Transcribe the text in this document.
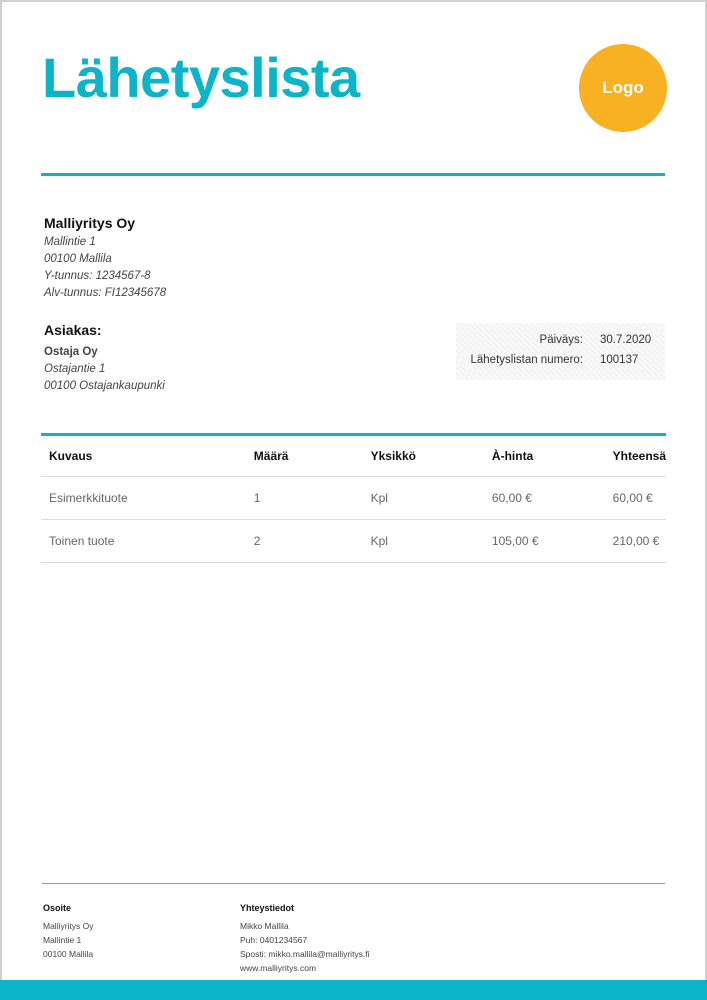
Lähetyslista	Logo
Malliyritys Oy
Mallintie 1
00100 Mallila
Y-tunnus: 1234567-8
Alv-tunnus: FI12345678
Asiakas:
Ostaja Oy
Ostajantie 1
00100 Ostajankaupunki
Päiväys: 30.7.2020
Lähetyslistan numero: 100137
Kuvaus	Määrä	Yksikkö	À-hinta	Yhteensä
Esimerkkituote	1	Kpl	60,00 €	60,00 €
Toinen tuote	2	Kpl	105,00 €	210,00 €
Osoite
Malliyritys Oy
Mallintie 1
00100 Mallila
Yhteystiedot
Mikko Mallila
Puh: 0401234567
Sposti: mikko.mallila@malliyritys.fi
www.malliyritys.com
